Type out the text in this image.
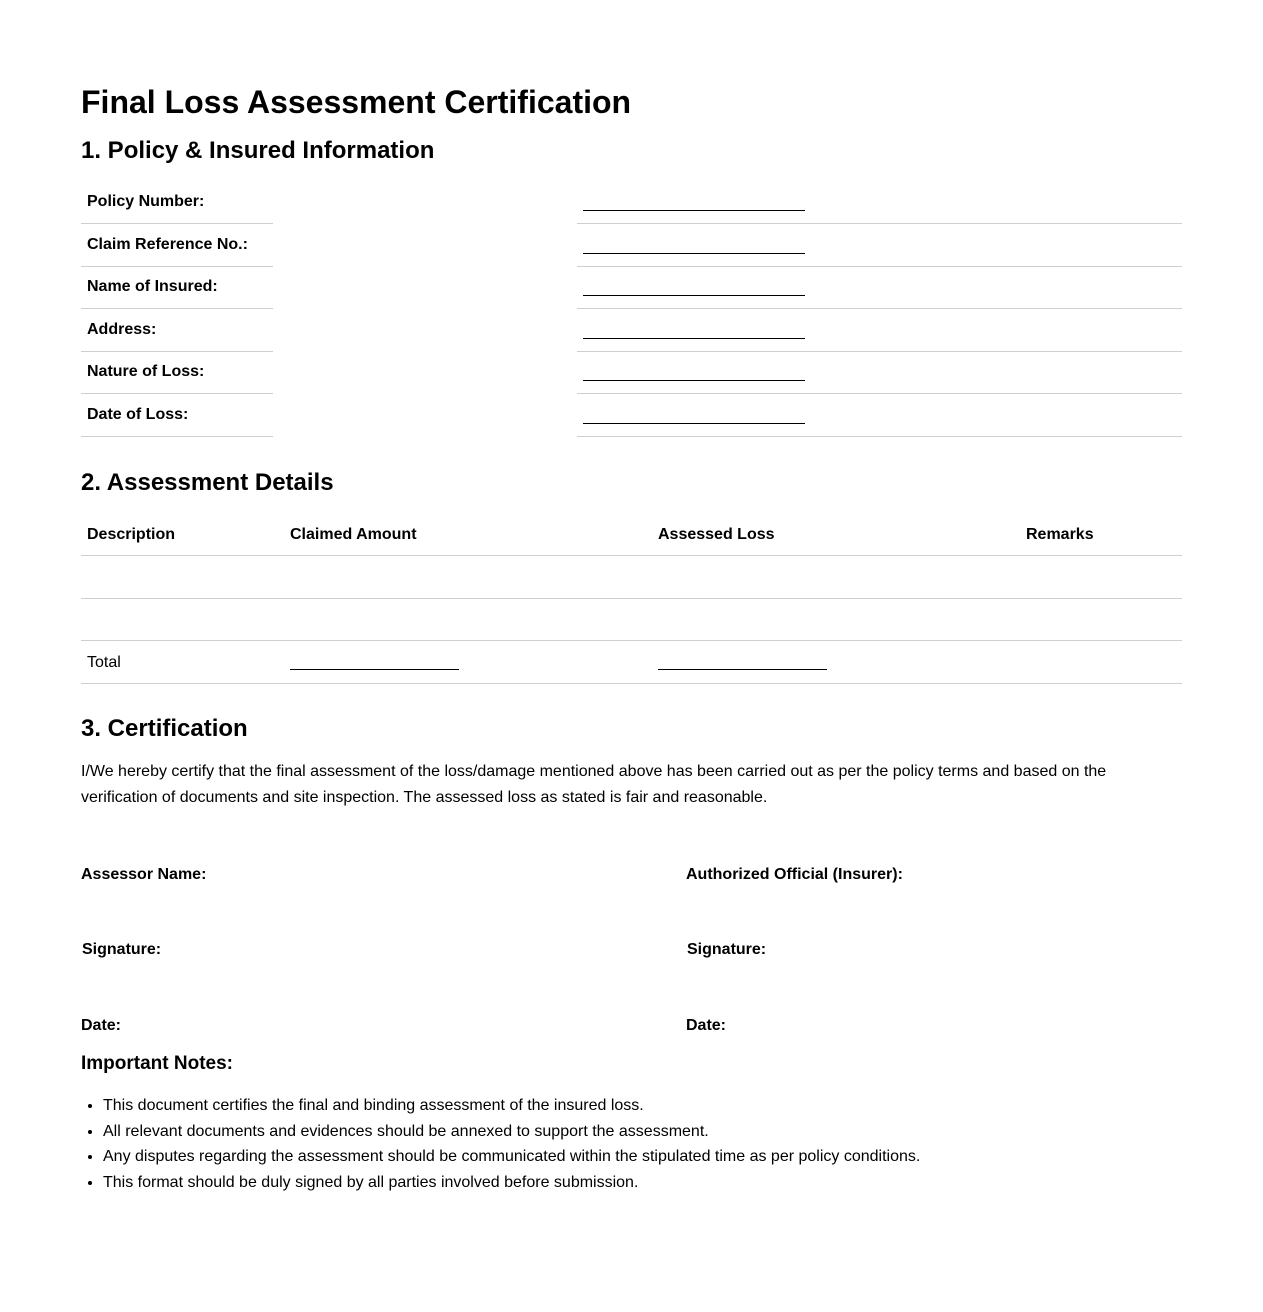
Final Loss Assessment Certification
1. Policy & Insured Information
Policy Number:
Claim Reference No.:
Name of Insured:
Address:
Nature of Loss:
Date of Loss:
2. Assessment Details
Description	Claimed Amount	Assessed Loss	Remarks
Total
3. Certification

I/We hereby certify that the final assessment of the loss/damage mentioned above has been carried out as per the policy terms and based on the verification of documents and site inspection. The assessed loss as stated is fair and reasonable.

Assessor Name:	Authorized Official (Insurer):
Signature:	Signature:
Date:	Date:
Important Notes:
• This document certifies the final and binding assessment of the insured loss.
• All relevant documents and evidences should be annexed to support the assessment.
• Any disputes regarding the assessment should be communicated within the stipulated time as per policy conditions.
• This format should be duly signed by all parties involved before submission.
